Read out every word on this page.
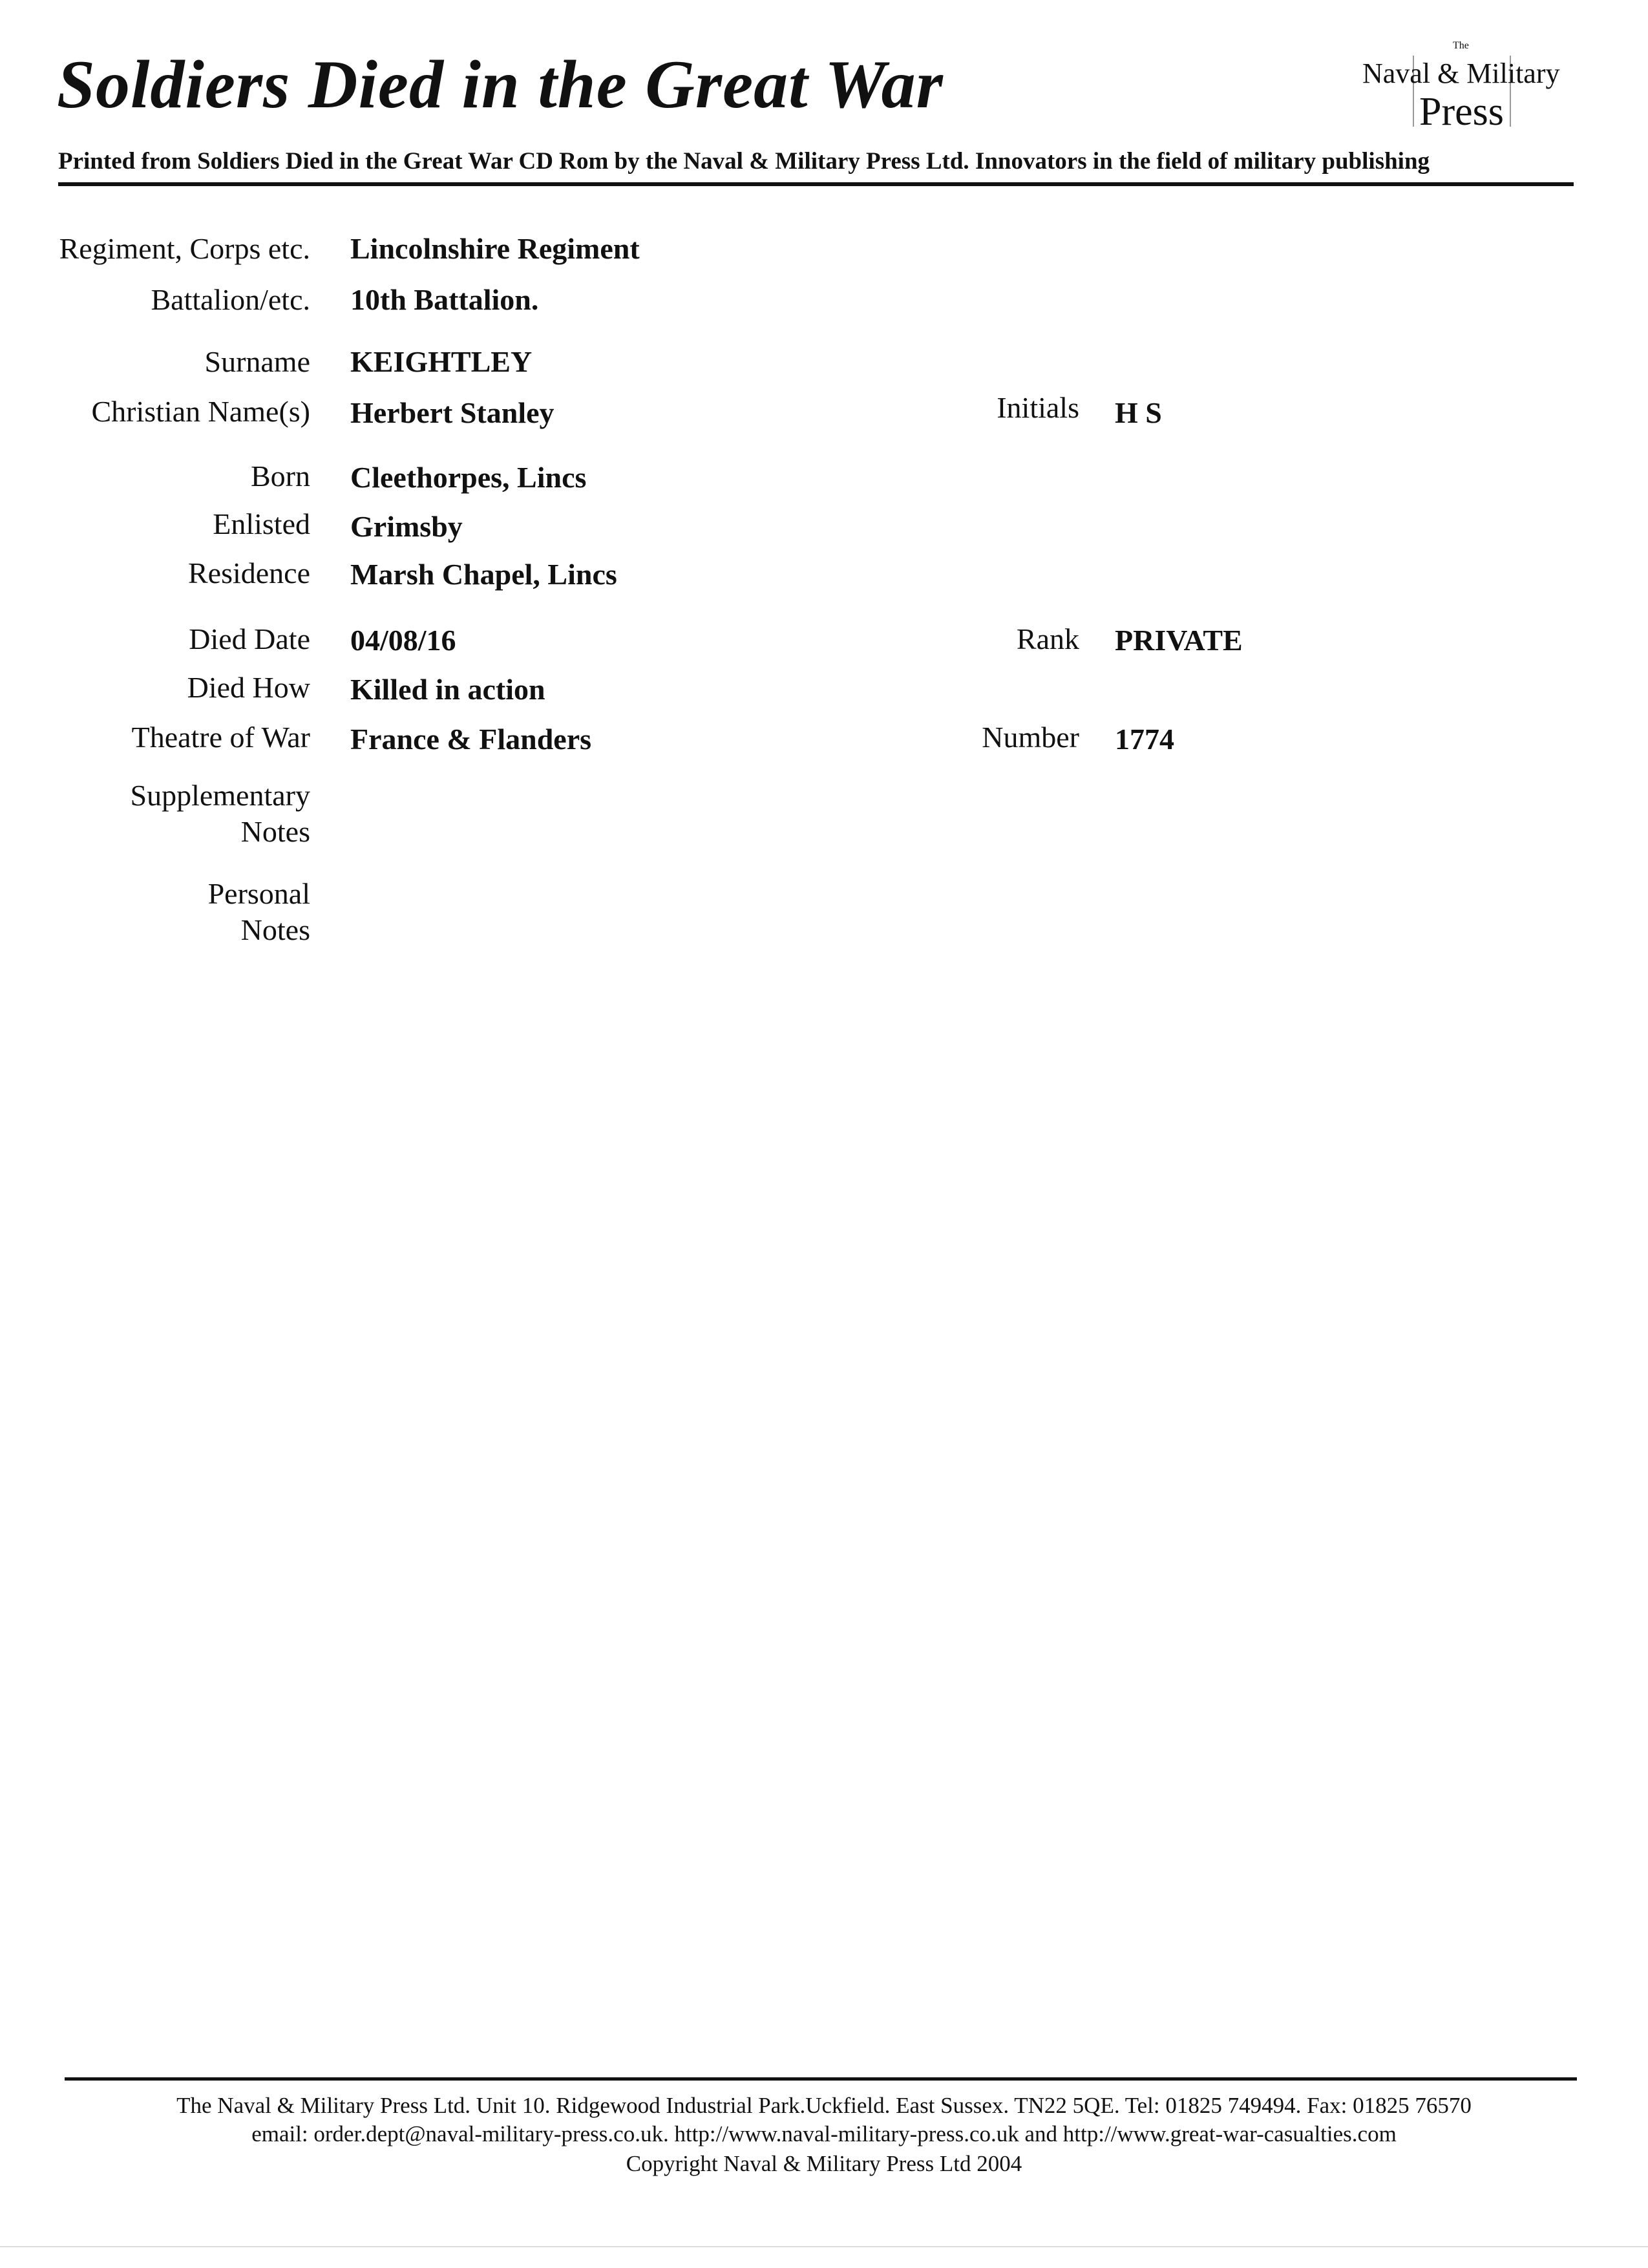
Soldiers Died in the Great War
The
Naval & Military
Press
Printed from Soldiers Died in the Great War CD Rom by the Naval & Military Press Ltd. Innovators in the field of military publishing
Regiment, Corps etc. Lincolnshire Regiment
Battalion/etc. 10th Battalion.
Surname KEIGHTLEY
Christian Name(s) Herbert Stanley	Initials H S
Born Cleethorpes, Lincs
Enlisted Grimsby
Residence Marsh Chapel, Lincs
Died Date 04/08/16	Rank PRIVATE
Died How Killed in action
Theatre of War France & Flanders	Number 1774
Supplementary
Notes
Personal
Notes
The Naval & Military Press Ltd. Unit 10. Ridgewood Industrial Park.Uckfield. East Sussex. TN22 5QE. Tel: 01825 749494. Fax: 01825 76570
email: order.dept@naval-military-press.co.uk. http://www.naval-military-press.co.uk and http://www.great-war-casualties.com
Copyright Naval & Military Press Ltd 2004
